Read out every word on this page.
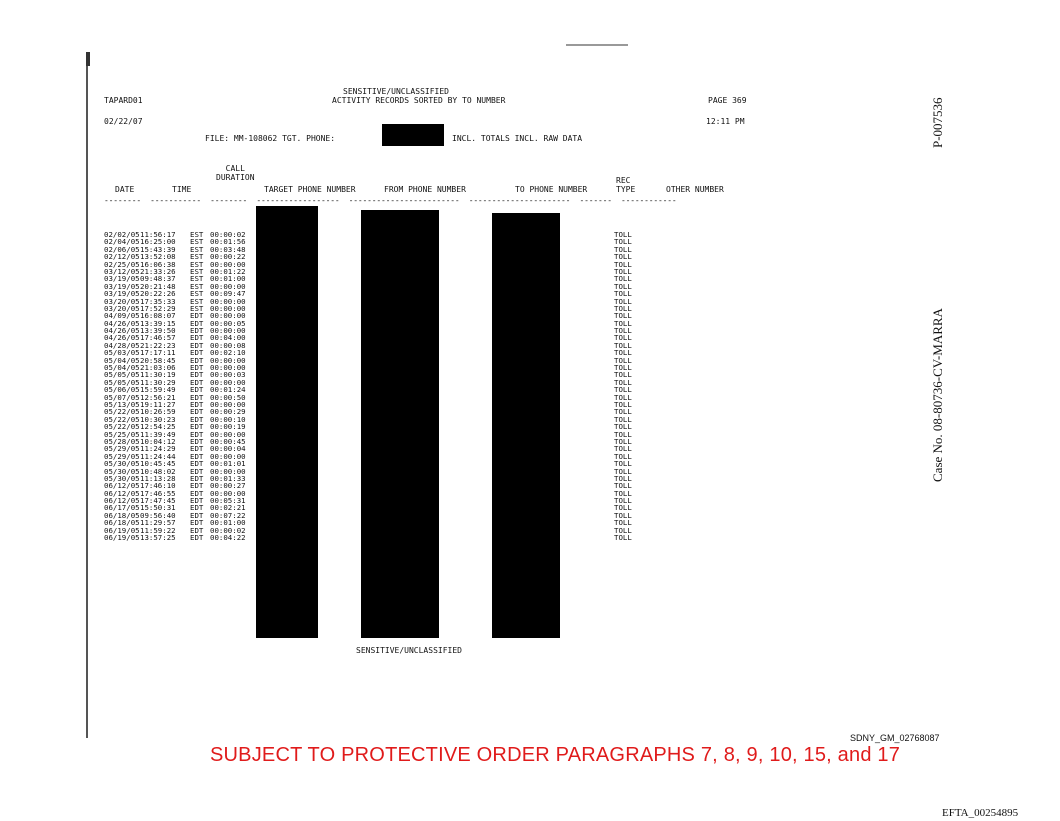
SENSITIVE/UNCLASSIFIED
TAPARD01	ACTIVITY RECORDS SORTED BY TO NUMBER	PAGE 369
02/22/07	12:11 PM
FILE: MM-108062 TGT. PHONE:	INCL. TOTALS INCL. RAW DATA
CALL
DURATION
DATE	TIME	TARGET PHONE NUMBER	FROM PHONE NUMBER	TO PHONE NUMBER
REC
TYPE	OTHER NUMBER
--------  -----------  --------  ------------------  ------------------------  ----------------------  -------  ------------
02/02/05 11:56:17 EST 00:00:02	TOLL
02/04/05 16:25:00 EST 00:01:56	TOLL
02/06/05 15:43:39 EST 00:03:48	TOLL
02/12/05 13:52:08 EST 00:00:22	TOLL
02/25/05 16:06:38 EST 00:00:00	TOLL
03/12/05 21:33:26 EST 00:01:22	TOLL
03/19/05 09:48:37 EST 00:01:00	TOLL
03/19/05 20:21:48 EST 00:00:00	TOLL
03/19/05 20:22:26 EST 00:09:47	TOLL
03/20/05 17:35:33 EST 00:00:00	TOLL
03/20/05 17:52:29 EST 00:00:00	TOLL
04/09/05 16:08:07 EDT 00:00:00	TOLL
04/26/05 13:39:15 EDT 00:00:05	TOLL
04/26/05 13:39:50 EDT 00:00:00	TOLL
04/26/05 17:46:57 EDT 00:04:00	TOLL
04/28/05 21:22:23 EDT 00:00:08	TOLL
05/03/05 17:17:11 EDT 00:02:10	TOLL
05/04/05 20:58:45 EDT 00:00:00	TOLL
05/04/05 21:03:06 EDT 00:00:00	TOLL
05/05/05 11:30:19 EDT 00:00:03	TOLL
05/05/05 11:30:29 EDT 00:00:00	TOLL
05/06/05 15:59:49 EDT 00:01:24	TOLL
05/07/05 12:56:21 EDT 00:00:50	TOLL
05/13/05 19:11:27 EDT 00:00:00	TOLL
05/22/05 10:26:59 EDT 00:00:29	TOLL
05/22/05 10:30:23 EDT 00:00:10	TOLL
05/22/05 12:54:25 EDT 00:00:19	TOLL
05/25/05 11:39:49 EDT 00:00:00	TOLL
05/28/05 10:04:12 EDT 00:00:45	TOLL
05/29/05 11:24:29 EDT 00:00:04	TOLL
05/29/05 11:24:44 EDT 00:00:00	TOLL
05/30/05 10:45:45 EDT 00:01:01	TOLL
05/30/05 10:48:02 EDT 00:00:00	TOLL
05/30/05 11:13:28 EDT 00:01:33	TOLL
06/12/05 17:46:10 EDT 00:00:27	TOLL
06/12/05 17:46:55 EDT 00:00:00	TOLL
06/12/05 17:47:45 EDT 00:05:31	TOLL
06/17/05 15:50:31 EDT 00:02:21	TOLL
06/18/05 09:56:40 EDT 00:07:22	TOLL
06/18/05 11:29:57 EDT 00:01:00	TOLL
06/19/05 11:59:22 EDT 00:00:02	TOLL
06/19/05 13:57:25 EDT 00:04:22	TOLL
SENSITIVE/UNCLASSIFIED
P-007536
Case No. 08-80736-CV-MARRA
SDNY_GM_02768087
SUBJECT TO PROTECTIVE ORDER PARAGRAPHS 7, 8, 9, 10, 15, and 17
EFTA_00254895
